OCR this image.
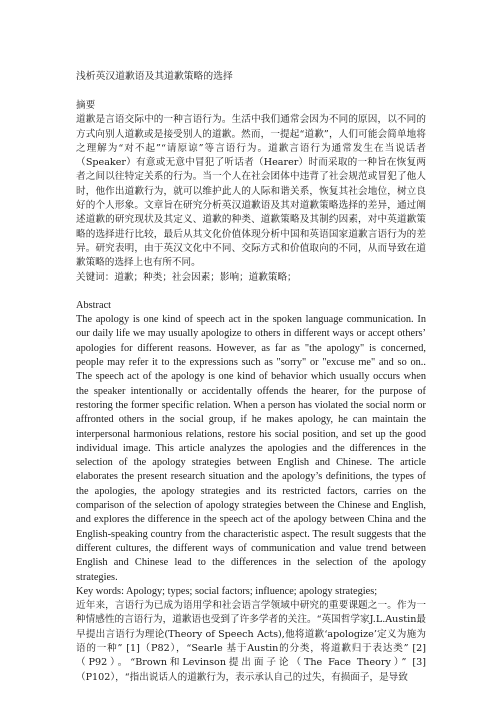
浅析英汉道歉语及其道歉策略的选择

摘要

道歉是言语交际中的一种言语行为。生活中我们通常会因为不同的原因，以不同的方式向别人道歉或是接受别人的道歉。然而，一提起“道歉”，人们可能会简单地将之理解为“对不起”“请原谅”等言语行为。道歉言语行为通常发生在当说话者（Speaker）有意或无意中冒犯了听话者（Hearer）时而采取的一种旨在恢复两者之间以往特定关系的行为。当一个人在社会团体中违背了社会规范或冒犯了他人时，他作出道歉行为，就可以维护此人的人际和谐关系，恢复其社会地位，树立良好的个人形象。文章旨在研究分析英汉道歉语及其对道歉策略选择的差异，通过阐述道歉的研究现状及其定义、道歉的种类、道歉策略及其制约因素，对中英道歉策略的选择进行比较，最后从其文化价值体现分析中国和英语国家道歉言语行为的差异。研究表明，由于英汉文化中不同、交际方式和价值取向的不同，从而导致在道歉策略的选择上也有所不同。

关键词：道歉；种类；社会因素；影响；道歉策略；

Abstract

The apology is one kind of speech act in the spoken language communication. In our daily life we may usually apologize to others in different ways or accept others’ apologies for different reasons. However, as far as "the apology" is concerned, people may refer it to the expressions such as "sorry" or "excuse me" and so on.. The speech act of the apology is one kind of behavior which usually occurs when the speaker intentionally or accidentally offends the hearer, for the purpose of restoring the former specific relation. When a person has violated the social norm or affronted others in the social group, if he makes apology, he can maintain the interpersonal harmonious relations, restore his social position, and set up the good individual image. This article analyzes the apologies and the differences in the selection of the apology strategies between English and Chinese. The article elaborates the present research situation and the apology’s definitions, the types of the apologies, the apology strategies and its restricted factors, carries on the comparison of the selection of apology strategies between the Chinese and English, and explores the difference in the speech act of the apology between China and the English-speaking country from the characteristic aspect. The result suggests that the different cultures, the different ways of communication and value trend between English and Chinese lead to the differences in the selection of the apology strategies.

Key words: Apology; types; social factors; influence; apology strategies;

近年来，言语行为已成为语用学和社会语言学领域中研究的重要课题之一。作为一种情感性的言语行为，道歉语也受到了许多学者的关注。“英国哲学家J.L.Austin最早提出言语行为理论(Theory of Speech Acts),他将道歉‘apologize’定义为施为语的一种” [1]（P82），“Searle 基于Austin的分类，将道歉归于表达类” [2]（P92）。“Brown和Levinson提出面子论（The Face Theory）” [3]（P102），“指出说话人的道歉行为，表示承认自己的过失，有损面子，是导致
